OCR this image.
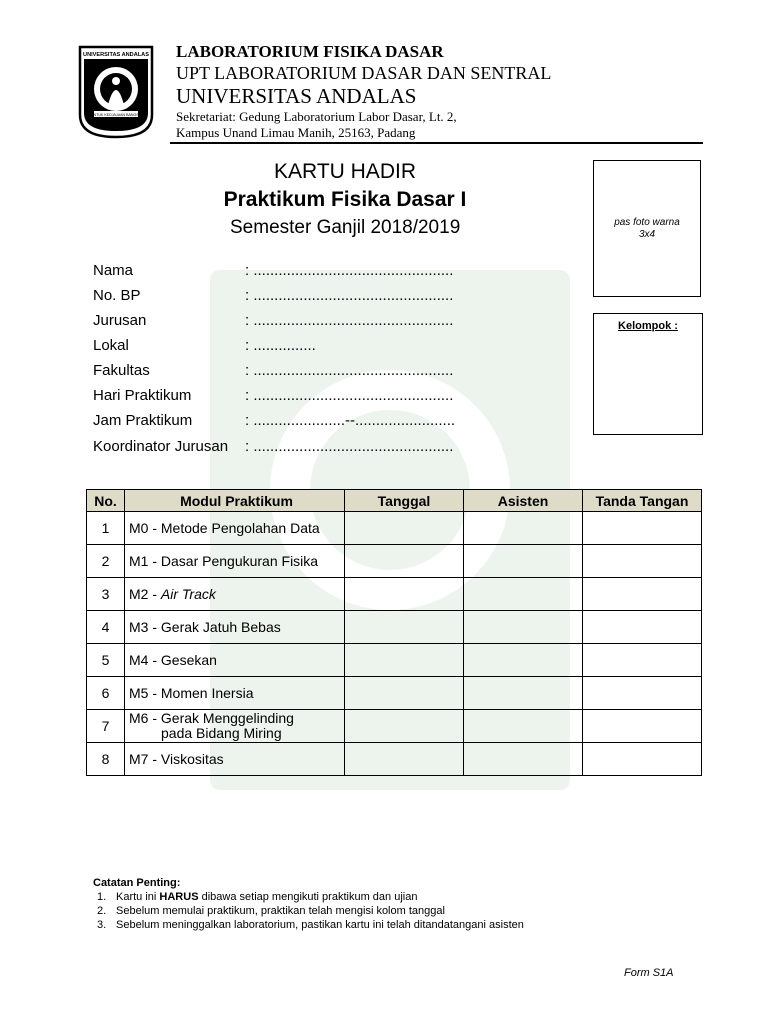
UNIVERSITAS ANDALAS
UNTUK KEDJAJAAN BANGSA
LABORATORIUM FISIKA DASAR
UPT LABORATORIUM DASAR DAN SENTRAL
UNIVERSITAS ANDALAS
Sekretariat: Gedung Laboratorium Labor Dasar, Lt. 2,
Kampus Unand Limau Manih, 25163, Padang
KARTU HADIR
Praktikum Fisika Dasar I
Semester Ganjil 2018/2019	pas foto warna
3x4
Kelompok :
Nama	: ................................................
No. BP	: ................................................
Jurusan	: ................................................
Lokal	: ...............
Fakultas	: ................................................
Hari Praktikum	: ................................................
Jam Praktikum	: ......................--........................
Koordinator Jurusan : ................................................
No.	Modul Praktikum	Tanggal	Asisten	Tanda Tangan
1	M0 - Metode Pengolahan Data			
2	M1 - Dasar Pengukuran Fisika			
3	M2 - Air Track			
4	M3 - Gerak Jatuh Bebas			
5	M4 - Gesekan			
6	M5 - Momen Inersia			
7	M6 - Gerak Menggelinding
pada Bidang Miring			

8	M7 - Viskositas			
Catatan Penting:
1. Kartu ini HARUS dibawa setiap mengikuti praktikum dan ujian
2. Sebelum memulai praktikum, praktikan telah mengisi kolom tanggal
3. Sebelum meninggalkan laboratorium, pastikan kartu ini telah ditandatangani asisten
Form S1A
